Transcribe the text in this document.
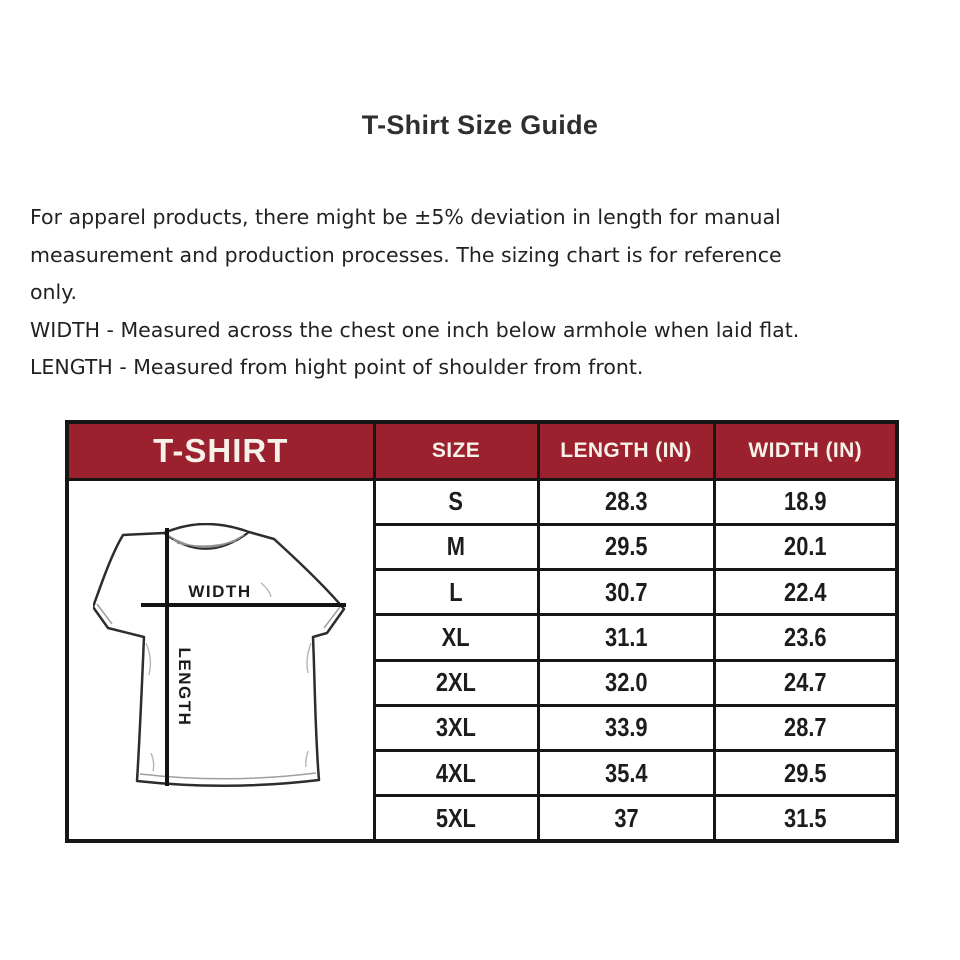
T-Shirt Size Guide
For apparel products, there might be ±5% deviation in length for manual
measurement and production processes. The sizing chart is for reference
only.
WIDTH - Measured across the chest one inch below armhole when laid flat.
LENGTH - Measured from hight point of shoulder from front.
T-SHIRT	SIZE	LENGTH (IN)	WIDTH (IN)

WIDTH
LENGTH	S	28.3	18.9
	M	29.5	20.1
	L	30.7	22.4
	XL	31.1	23.6
	2XL	32.0	24.7
	3XL	33.9	28.7
	4XL	35.4	29.5
	5XL	37	31.5
